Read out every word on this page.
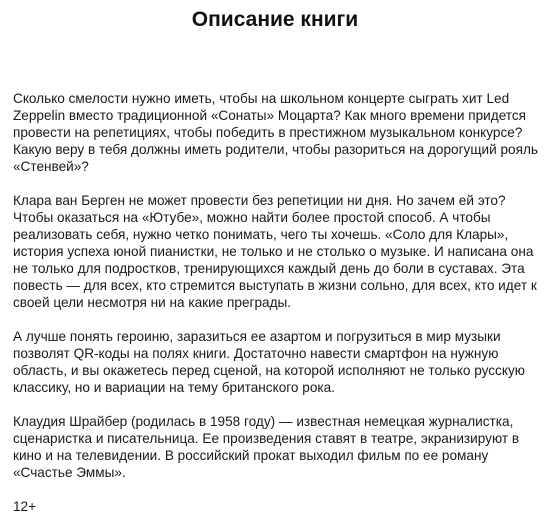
Описание книги

Сколько смелости нужно иметь, чтобы на школьном концерте сыграть хит Led Zeppelin вместо традиционной «Сонаты» Моцарта? Как много времени придется провести на репетициях, чтобы победить в престижном музыкальном конкурсе? Какую веру в тебя должны иметь родители, чтобы разориться на дорогущий рояль «Стенвей»?

Клара ван Берген не может провести без репетиции ни дня. Но зачем ей это? Чтобы оказаться на «Ютубе», можно найти более простой способ. А чтобы реализовать себя, нужно четко понимать, чего ты хочешь. «Соло для Клары», история успеха юной пианистки, не только и не столько о музыке. И написана она не только для подростков, тренирующихся каждый день до боли в суставах. Эта повесть — для всех, кто стремится выступать в жизни сольно, для всех, кто идет к своей цели несмотря ни на какие преграды.

А лучше понять героиню, заразиться ее азартом и погрузиться в мир музыки позволят QR-коды на полях книги. Достаточно навести смартфон на нужную область, и вы окажетесь перед сценой, на которой исполняют не только русскую классику, но и вариации на тему британского рока.

Клаудия Шрайбер (родилась в 1958 году) — известная немецкая журналистка, сценаристка и писательница. Ее произведения ставят в театре, экранизируют в кино и на телевидении. В российский прокат выходил фильм по ее роману «Счастье Эммы».

12+
